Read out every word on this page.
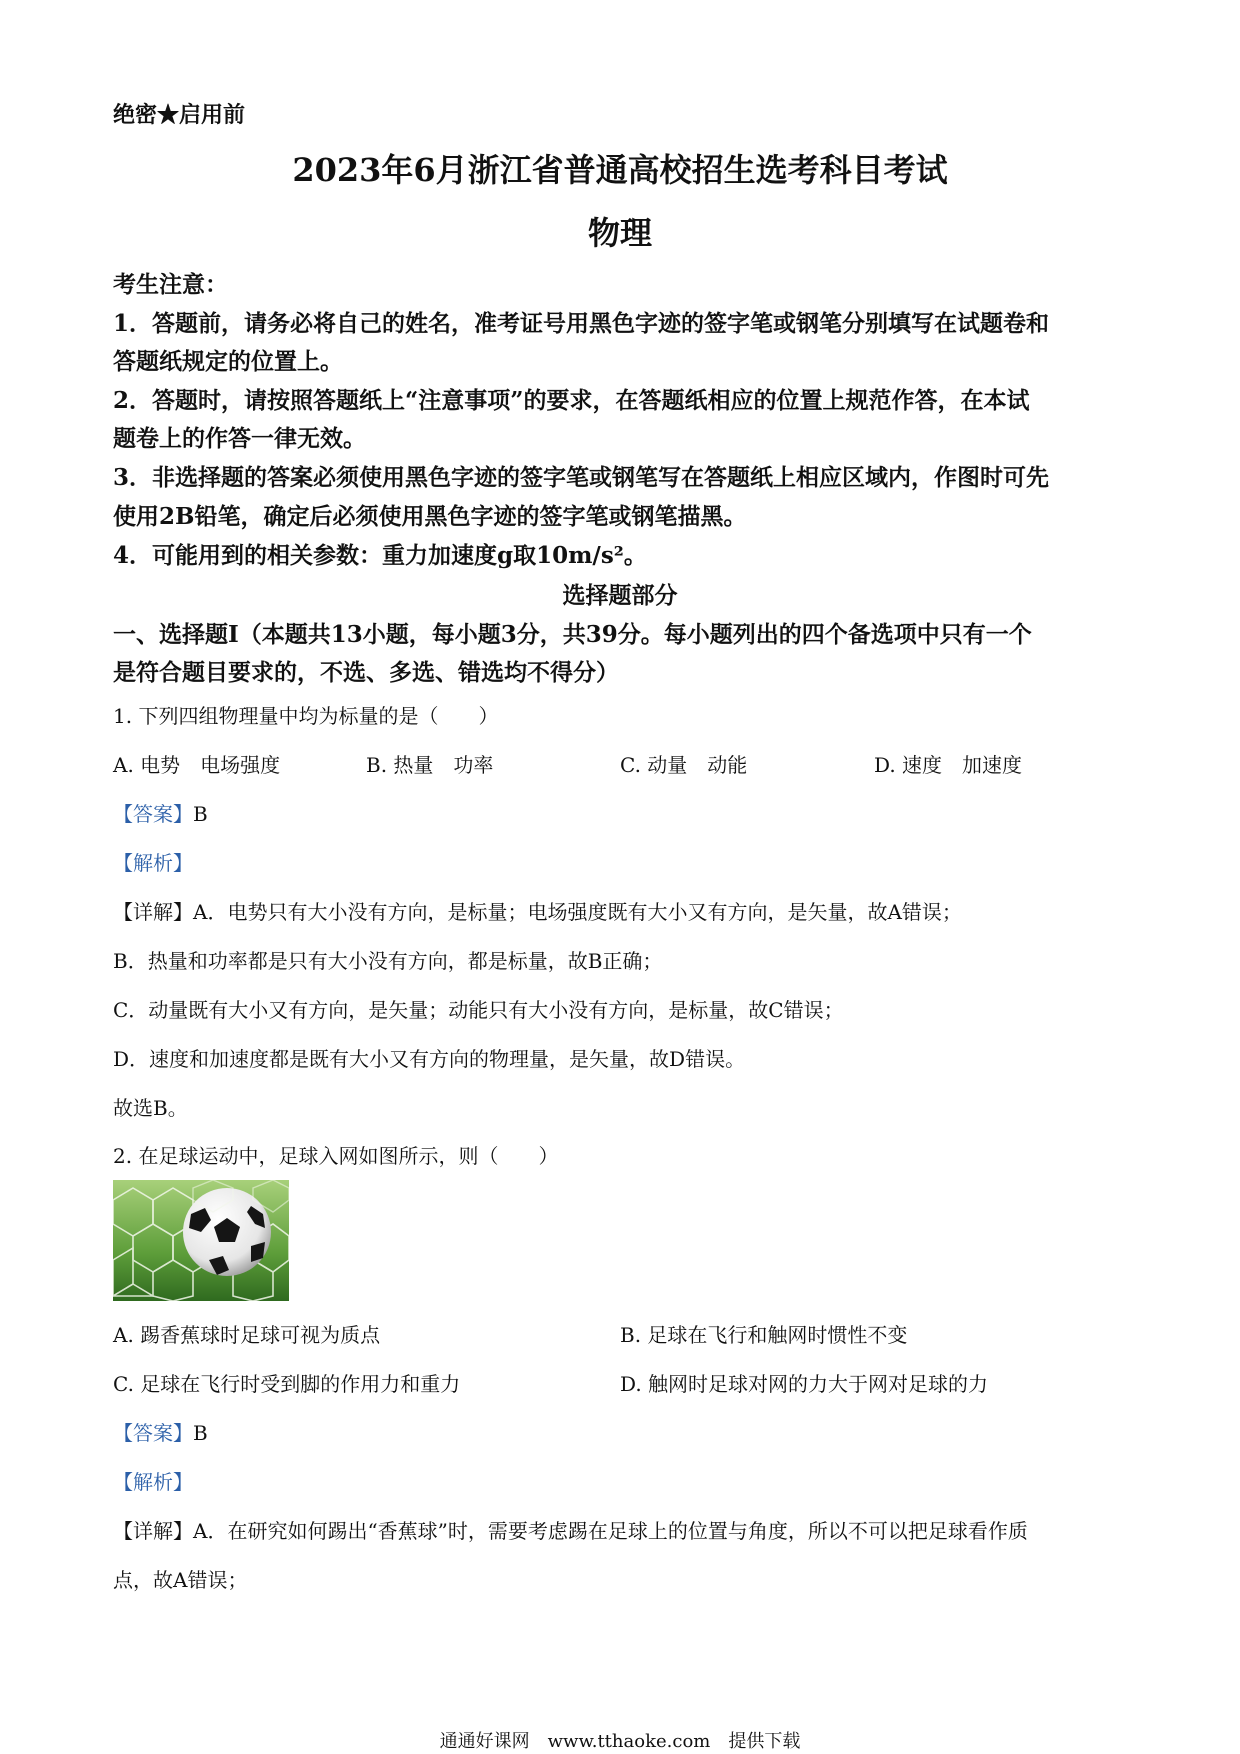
绝密★启用前
2023年6月浙江省普通高校招生选考科目考试
物理
考生注意：
1．答题前，请务必将自己的姓名，准考证号用黑色字迹的签字笔或钢笔分别填写在试题卷和
答题纸规定的位置上。
2．答题时，请按照答题纸上“注意事项”的要求，在答题纸相应的位置上规范作答，在本试
题卷上的作答一律无效。
3．非选择题的答案必须使用黑色字迹的签字笔或钢笔写在答题纸上相应区域内，作图时可先
使用2B铅笔，确定后必须使用黑色字迹的签字笔或钢笔描黑。
4．可能用到的相关参数：重力加速度g取10m/s²。
选择题部分
一、选择题Ⅰ（本题共13小题，每小题3分，共39分。每小题列出的四个备选项中只有一个
是符合题目要求的，不选、多选、错选均不得分）
1. 下列四组物理量中均为标量的是（　　）
A. 电势　电场强度	B. 热量　功率	C. 动量　动能	D. 速度　加速度
【答案】B
【解析】
【详解】A．电势只有大小没有方向，是标量；电场强度既有大小又有方向，是矢量，故A错误；
B．热量和功率都是只有大小没有方向，都是标量，故B正确；
C．动量既有大小又有方向，是矢量；动能只有大小没有方向，是标量，故C错误；
D．速度和加速度都是既有大小又有方向的物理量，是矢量，故D错误。
故选B。
2. 在足球运动中，足球入网如图所示，则（　　）
A. 踢香蕉球时足球可视为质点	B. 足球在飞行和触网时惯性不变
C. 足球在飞行时受到脚的作用力和重力	D. 触网时足球对网的力大于网对足球的力
【答案】B
【解析】
【详解】A．在研究如何踢出“香蕉球”时，需要考虑踢在足球上的位置与角度，所以不可以把足球看作质
点，故A错误；
通通好课网　www.tthaoke.com　提供下载
